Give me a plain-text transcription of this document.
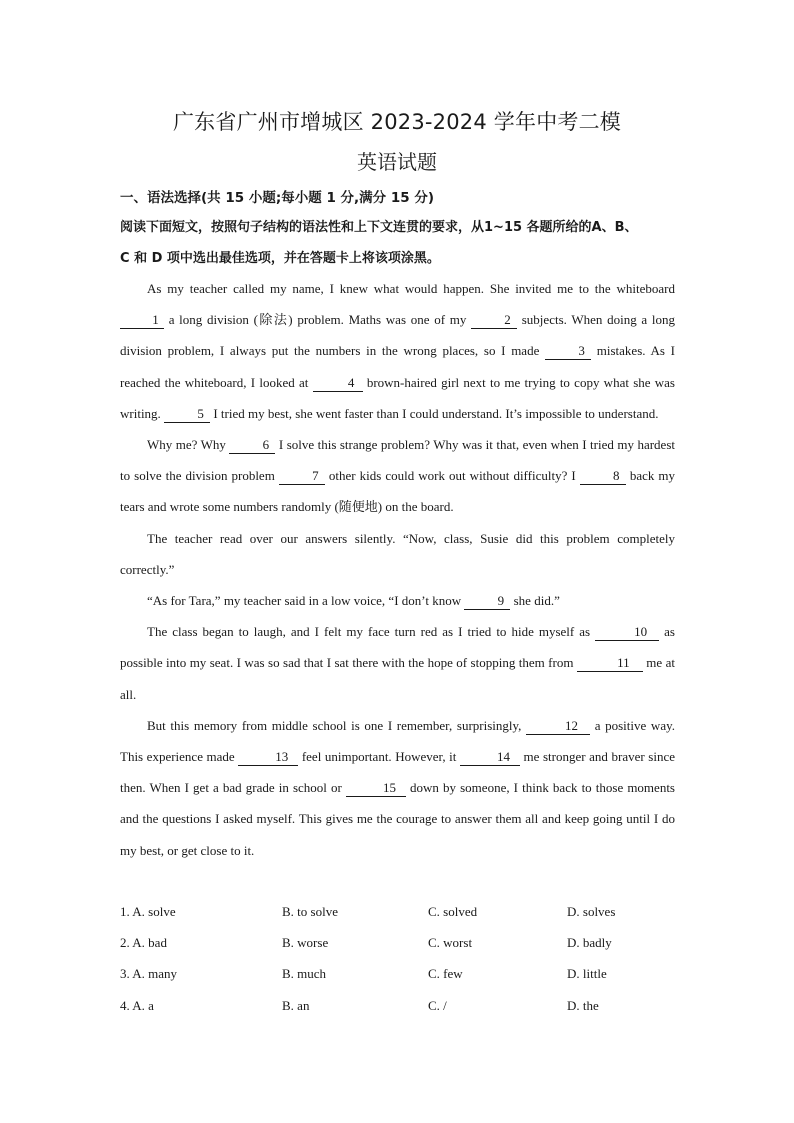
广东省广州市增城区 2023-2024 学年中考二模
英语试题
一、语法选择(共 15 小题;每小题 1 分,满分 15 分)
阅读下面短文，按照句子结构的语法性和上下文连贯的要求，从1~15 各题所给的A、B、
C 和 D 项中选出最佳选项，并在答题卡上将该项涂黑。

As my teacher called my name, I knew what would happen. She invited me to the whiteboard 1 a long division (除法) problem. Maths was one of my	2 subjects. When doing a long division problem, I always put the numbers in the wrong places, so I made	3 mistakes. As I reached the whiteboard, I looked at	4 brown-haired girl next to me trying to copy what she was writing.	5 I tried my best, she went faster than I could understand. It’s impossible to understand.

Why me? Why	6 I solve this strange problem? Why was it that, even when I tried my hardest to solve the division problem	7 other kids could work out without difficulty? I	8 back my tears and wrote some numbers randomly (随便地) on the board.

The teacher read over our answers silently. “Now, class, Susie did this problem completely correctly.”

“As for Tara,” my teacher said in a low voice, “I don’t know	9 she did.”

The class began to laugh, and I felt my face turn red as I tried to hide myself as	10 as possible into my seat. I was so sad that I sat there with the hope of stopping them from	11 me at all.

But this memory from middle school is one I remember, surprisingly,	12 a positive way. This experience made	13 feel unimportant. However, it	14 me stronger and braver since then. When I get a bad grade in school or	15 down by someone, I think back to those moments and the questions I asked myself. This gives me the courage to answer them all and keep going until I do my best, or get close to it.

1. A. solve	B. to solve	C. solved	D. solves
2. A. bad	B. worse	C. worst	D. badly
3. A. many	B. much	C. few	D. little
4. A. a	B. an	C. /	D. the
